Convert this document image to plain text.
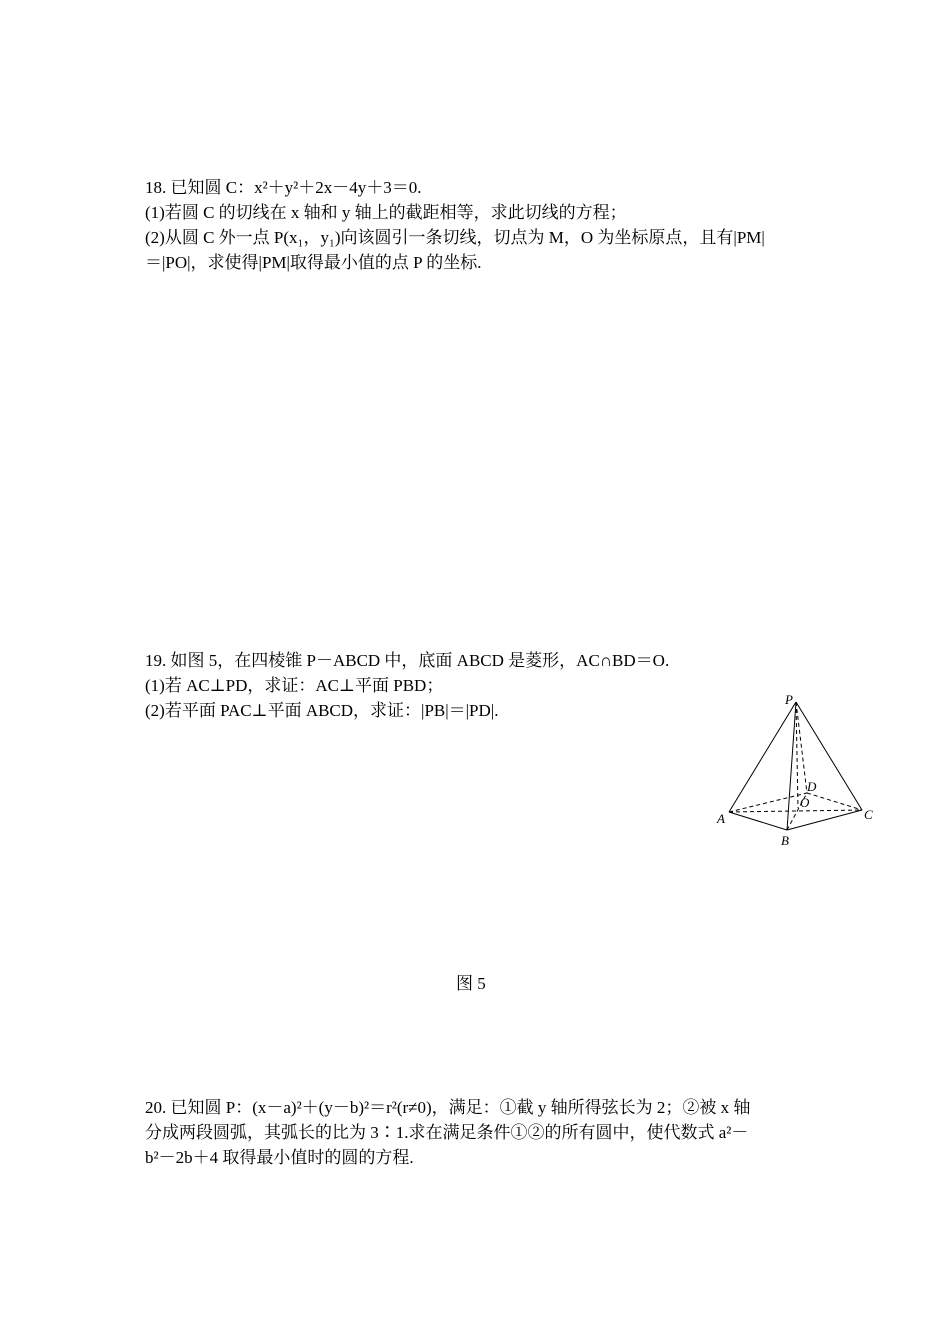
18. 已知圆 C：x²＋y²＋2x－4y＋3＝0.
(1)若圆 C 的切线在 x 轴和 y 轴上的截距相等，求此切线的方程；
(2)从圆 C 外一点 P(x₁，y₁)向该圆引一条切线，切点为 M，O 为坐标原点，且有|PM|
＝|PO|，求使得|PM|取得最小值的点 P 的坐标.
19. 如图 5，在四棱锥 P－ABCD 中，底面 ABCD 是菱形，AC∩BD＝O.
(1)若 AC⊥PD，求证：AC⊥平面 PBD；
(2)若平面 PAC⊥平面 ABCD，求证：|PB|＝|PD|.
P
A
B
C
D
O
图 5
20. 已知圆 P：(x－a)²＋(y－b)²＝r²(r≠0)，满足：①截 y 轴所得弦长为 2；②被 x 轴
分成两段圆弧，其弧长的比为 3∶1.求在满足条件①②的所有圆中，使代数式 a²－
b²－2b＋4 取得最小值时的圆的方程.
